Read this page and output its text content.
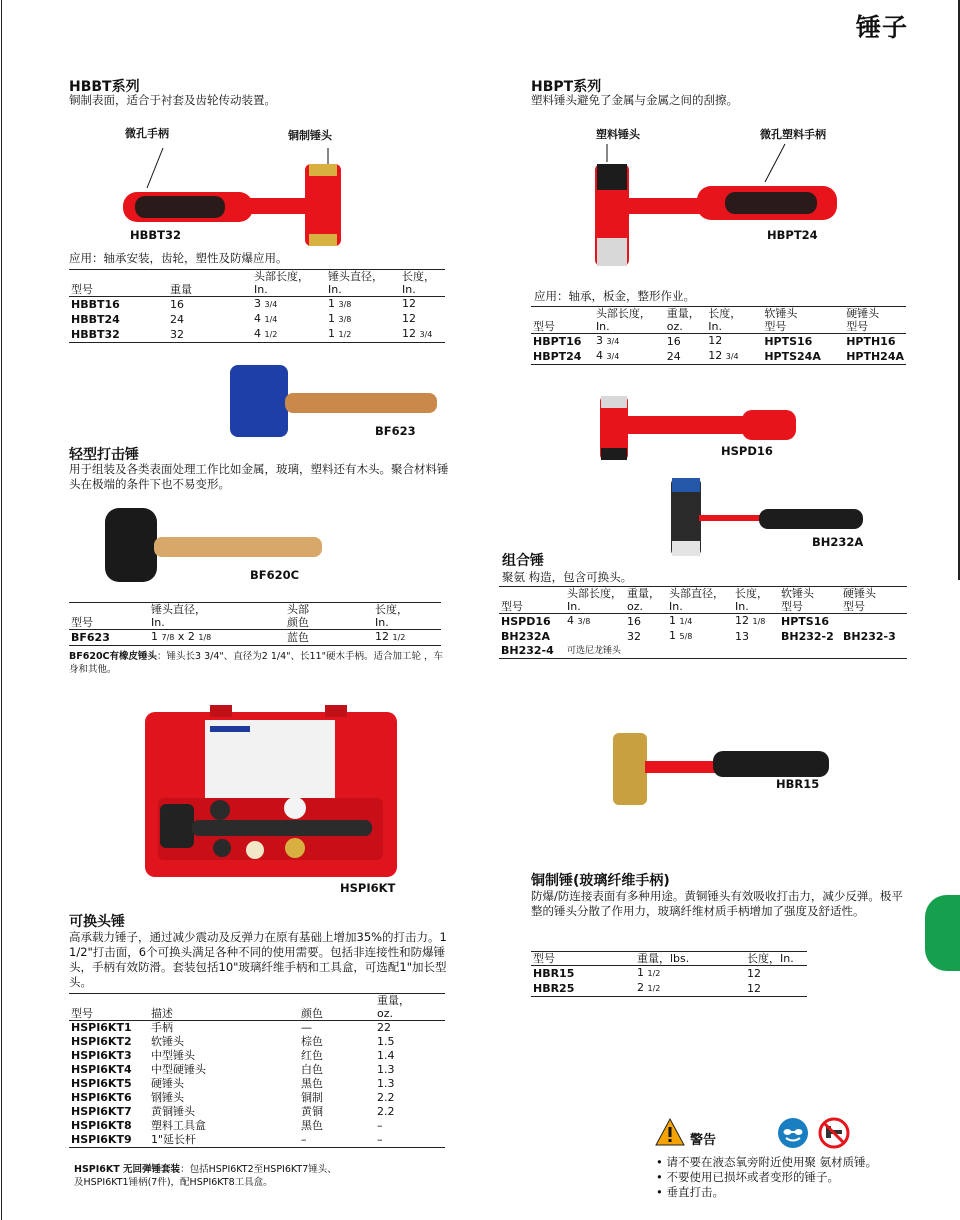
锤子
HBBT系列
铜制表面，适合于衬套及齿轮传动装置。
微孔手柄	铜制锤头
HBBT32
应用：轴承安装，齿轮，塑性及防爆应用。
		头部长度，	锤头直径，	长度，
型号	重量	In.	In.	In.
HBBT16	16	3 3/4	1 3/8	12
HBBT24	24	4 1/4	1 3/8	12
HBBT32	32	4 1/2	1 1/2	12 3/4
BF623
轻型打击锤
用于组装及各类表面处理工作比如金属，玻璃，塑料还有木头。聚合材料锤头在极端的条件下也不易变形。
BF620C
	锤头直径，	头部	长度，
型号	In.	颜色	In.
BF623	1 7/8 x 2 1/8	蓝色	12 1/2
BF620C有橡皮锤头：锤头长3 3/4"、直径为2 1/4"、长11"硬木手柄。适合加工轮 ，车身和其他。
HSPI6KT
可换头锤
高承载力锤子，通过减少震动及反弹力在原有基础上增加35%的打击力。1 1/2"打击面，6个可换头满足各种不同的使用需要。包括非连接性和防爆锤头，手柄有效防滑。套装包括10"玻璃纤维手柄和工具盒，可选配1"加长型头。
			重量，
型号	描述	颜色	oz.
HSPI6KT1	手柄	—	22
HSPI6KT2	软锤头	棕色	1.5
HSPI6KT3	中型锤头	红色	1.4
HSPI6KT4	中型硬锤头	白色	1.3
HSPI6KT5	硬锤头	黑色	1.3
HSPI6KT6	钢锤头	铜制	2.2
HSPI6KT7	黄铜锤头	黄铜	2.2
HSPI6KT8	塑料工具盒	黑色	–
HSPI6KT9	1"延长杆	–	–
HSPI6KT 无回弹锤套装：包括HSPI6KT2至HSPI6KT7锤头、
及HSPI6KT1锤柄(7件)，配HSPI6KT8工具盒。
HBPT系列
塑料锤头避免了金属与金属之间的刮擦。
塑料锤头	微孔塑料手柄
HBPT24
应用：轴承，板金，整形作业。
	头部长度，	重量，	长度，	软锤头	硬锤头
型号	In.	oz.	In.	型号	型号
HBPT16	3 3/4	16	12	HPTS16	HPTH16
HBPT24	4 3/4	24	12 3/4	HPTS24A	HPTH24A
HSPD16
BH232A
组合锤
聚氨 构造，包含可换头。
	头部长度，	重量，	头部直径，	长度，	软锤头	硬锤头
型号	In.	oz.	In.	In.	型号	型号
HSPD16	4 3/8	16	1 1/4	12 1/8	HPTS16	
BH232A		32	1 5/8	13	BH232-2	BH232-3
BH232-4	可选尼龙锤头					
HBR15
铜制锤(玻璃纤维手柄)
防爆/防连接表面有多种用途。黄铜锤头有效吸收打击力，减少反弹。极平整的锤头分散了作用力，玻璃纤维材质手柄增加了强度及舒适性。
型号	重量，lbs.	长度，In.
HBR15	1 1/2	12
HBR25	2 1/2	12
警告
• 请不要在液态氧旁附近使用聚 氨材质锤。
• 不要使用已损坏或者变形的锤子。
• 垂直打击。
